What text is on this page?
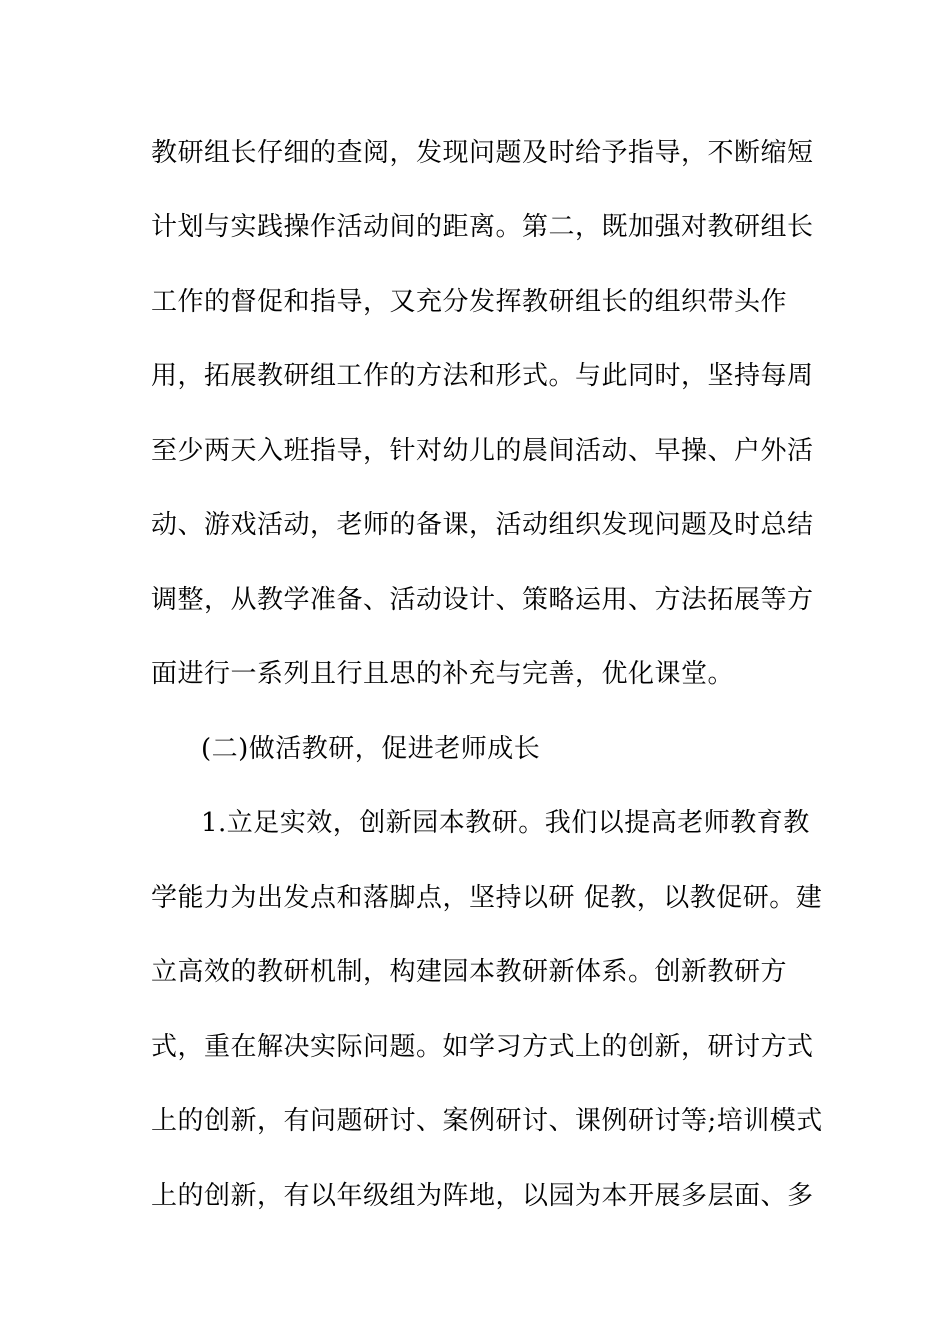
教研组长仔细的查阅，发现问题及时给予指导，不断缩短
计划与实践操作活动间的距离。第二，既加强对教研组长
工作的督促和指导，又充分发挥教研组长的组织带头作
用，拓展教研组工作的方法和形式。与此同时，坚持每周
至少两天入班指导，针对幼儿的晨间活动、早操、户外活
动、游戏活动，老师的备课，活动组织发现问题及时总结
调整，从教学准备、活动设计、策略运用、方法拓展等方
面进行一系列且行且思的补充与完善，优化课堂。
(二)做活教研，促进老师成长
1.立足实效，创新园本教研。我们以提高老师教育教
学能力为出发点和落脚点，坚持以研 促教，以教促研。建
立高效的教研机制，构建园本教研新体系。创新教研方
式，重在解决实际问题。如学习方式上的创新，研讨方式
上的创新，有问题研讨、案例研讨、课例研讨等;培训模式
上的创新，有以年级组为阵地，以园为本开展多层面、多
